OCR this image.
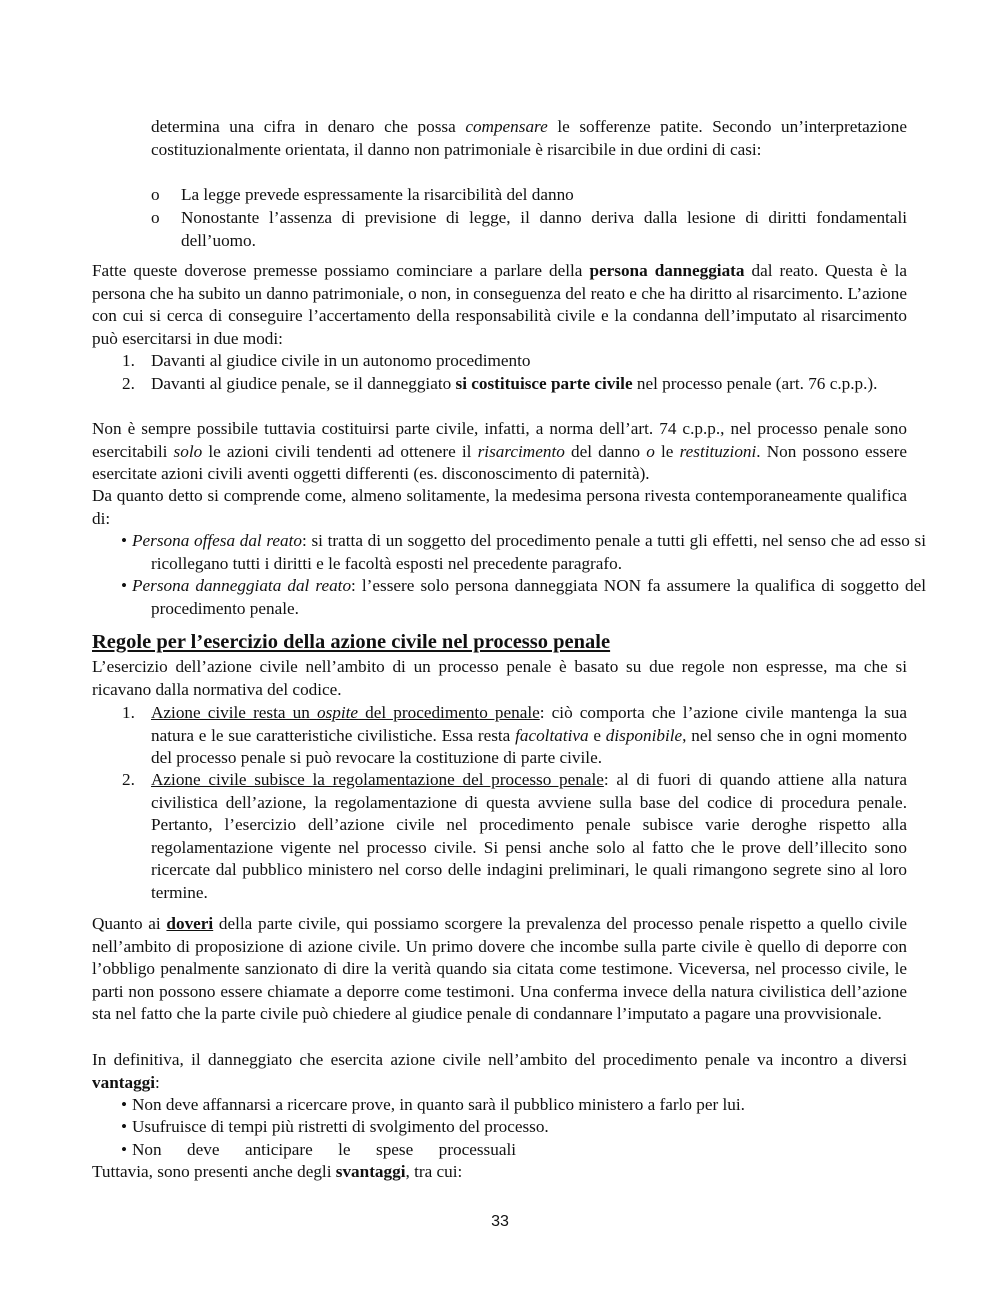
determina una cifra in denaro che possa compensare le sofferenze patite. Secondo un’interpretazione costituzionalmente orientata, il danno non patrimoniale è risarcibile in due ordini di casi:

o La legge prevede espressamente la risarcibilità del danno

o Nonostante l’assenza di previsione di legge, il danno deriva dalla lesione di diritti fondamentali dell’uomo.

Fatte queste doverose premesse possiamo cominciare a parlare della persona danneggiata dal reato. Questa è la persona che ha subito un danno patrimoniale, o non, in conseguenza del reato e che ha diritto al risarcimento. L’azione con cui si cerca di conseguire l’accertamento della responsabilità civile e la condanna dell’imputato al risarcimento può esercitarsi in due modi:

1. Davanti al giudice civile in un autonomo procedimento

2. Davanti al giudice penale, se il danneggiato si costituisce parte civile nel processo penale (art. 76 c.p.p.).

Non è sempre possibile tuttavia costituirsi parte civile, infatti, a norma dell’art. 74 c.p.p., nel processo penale sono esercitabili solo le azioni civili tendenti ad ottenere il risarcimento del danno o le restituzioni. Non possono essere esercitate azioni civili aventi oggetti differenti (es. disconoscimento di paternità).

Da quanto detto si comprende come, almeno solitamente, la medesima persona rivesta contemporaneamente qualifica di:

• Persona offesa dal reato: si tratta di un soggetto del procedimento penale a tutti gli effetti, nel senso che ad esso si ricollegano tutti i diritti e le facoltà esposti nel precedente paragrafo.

• Persona danneggiata dal reato: l’essere solo persona danneggiata NON fa assumere la qualifica di soggetto del procedimento penale.

Regole per l’esercizio della azione civile nel processo penale

L’esercizio dell’azione civile nell’ambito di un processo penale è basato su due regole non espresse, ma che si ricavano dalla normativa del codice.

1. Azione civile resta un ospite del procedimento penale: ciò comporta che l’azione civile mantenga la sua natura e le sue caratteristiche civilistiche. Essa resta facoltativa e disponibile, nel senso che in ogni momento del processo penale si può revocare la costituzione di parte civile.

2. Azione civile subisce la regolamentazione del processo penale: al di fuori di quando attiene alla natura civilistica dell’azione, la regolamentazione di questa avviene sulla base del codice di procedura penale. Pertanto, l’esercizio dell’azione civile nel procedimento penale subisce varie deroghe rispetto alla regolamentazione vigente nel processo civile. Si pensi anche solo al fatto che le prove dell’illecito sono ricercate dal pubblico ministero nel corso delle indagini preliminari, le quali rimangono segrete sino al loro termine.

Quanto ai doveri della parte civile, qui possiamo scorgere la prevalenza del processo penale rispetto a quello civile nell’ambito di proposizione di azione civile. Un primo dovere che incombe sulla parte civile è quello di deporre con l’obbligo penalmente sanzionato di dire la verità quando sia citata come testimone. Viceversa, nel processo civile, le parti non possono essere chiamate a deporre come testimoni. Una conferma invece della natura civilistica dell’azione sta nel fatto che la parte civile può chiedere al giudice penale di condannare l’imputato a pagare una provvisionale.

In definitiva, il danneggiato che esercita azione civile nell’ambito del procedimento penale va incontro a diversi vantaggi:

• Non deve affannarsi a ricercare prove, in quanto sarà il pubblico ministero a farlo per lui.

• Usufruisce di tempi più ristretti di svolgimento del processo.

• Non deve anticipare le spese processuali

Tuttavia, sono presenti anche degli svantaggi, tra cui:

33
